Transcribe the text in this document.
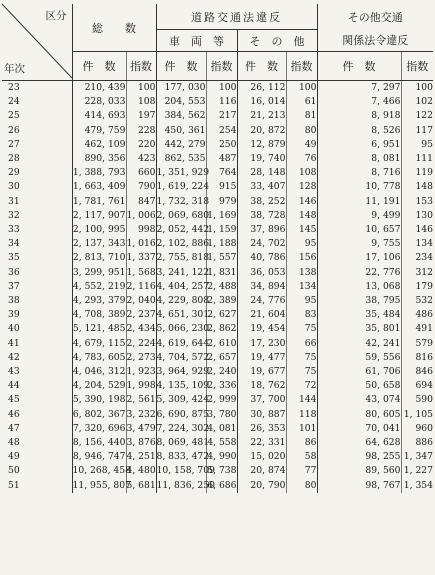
区分
年次	総　　数		道路交通法違反				その他交通	
			車　両　等		そ　の　他		関係法令違反	
	件　数	指数	件　数	指数	件　数	指数	件　数	指数
23	210, 439	100	177, 030	100	26, 112	100	7, 297	100
24	228, 033	108	204, 553	116	16, 014	61	7, 466	102
25	414, 693	197	384, 562	217	21, 213	81	8, 918	122
26	479, 759	228	450, 361	254	20, 872	80	8, 526	117
27	462, 109	220	442, 279	250	12, 879	49	6, 951	95
28	890, 356	423	862, 535	487	19, 740	76	8, 081	111
29	1, 388, 793	660	1, 351, 929	764	28, 148	108	8, 716	119
30	1, 663, 409	790	1, 619, 224	915	33, 407	128	10, 778	148
31	1, 781, 761	847	1, 732, 318	979	38, 252	146	11, 191	153
32	2, 117, 907	1, 006	2, 069, 680	1, 169	38, 728	148	9, 499	130
33	2, 100, 995	998	2, 052, 442	1, 159	37, 896	145	10, 657	146
34	2, 137, 343	1, 016	2, 102, 886	1, 188	24, 702	95	9, 755	134
35	2, 813, 710	1, 337	2, 755, 818	1, 557	40, 786	156	17, 106	234
36	3, 299, 951	1, 568	3, 241, 122	1, 831	36, 053	138	22, 776	312
37	4, 552, 219	2, 116	4, 404, 257	2, 488	34, 894	134	13, 068	179
38	4, 293, 379	2, 040	4, 229, 808	2, 389	24, 776	95	38, 795	532
39	4, 708, 389	2, 237	4, 651, 301	2, 627	21, 604	83	35, 484	486
40	5, 121, 485	2, 434	5, 066, 230	2, 862	19, 454	75	35, 801	491
41	4, 679, 115	2, 224	4, 619, 644	2, 610	17, 230	66	42, 241	579
42	4, 783, 605	2, 273	4, 704, 572	2, 657	19, 477	75	59, 556	816
43	4, 046, 312	1, 923	3, 964, 929	2, 240	19, 677	75	61, 706	846
44	4, 204, 529	1, 998	4, 135, 109	2, 336	18, 762	72	50, 658	694
45	5, 390, 198	2, 561	5, 309, 424	2, 999	37, 700	144	43, 074	590
46	6, 802, 367	3, 232	6, 690, 875	3, 780	30, 887	118	80, 605	1, 105
47	7, 320, 696	3, 479	7, 224, 302	4, 081	26, 353	101	70, 041	960
48	8, 156, 440	3, 876	8, 069, 481	4, 558	22, 331	86	64, 628	886
49	8, 946, 747	4, 251	8, 833, 472	4, 990	15, 020	58	98, 255	1, 347
50	10, 268, 458	4, 480	10, 158, 709	5, 738	20, 874	77	89, 560	1, 227
51	11, 955, 807	5, 681	11, 836, 250	6, 686	20, 790	80	98, 767	1, 354
